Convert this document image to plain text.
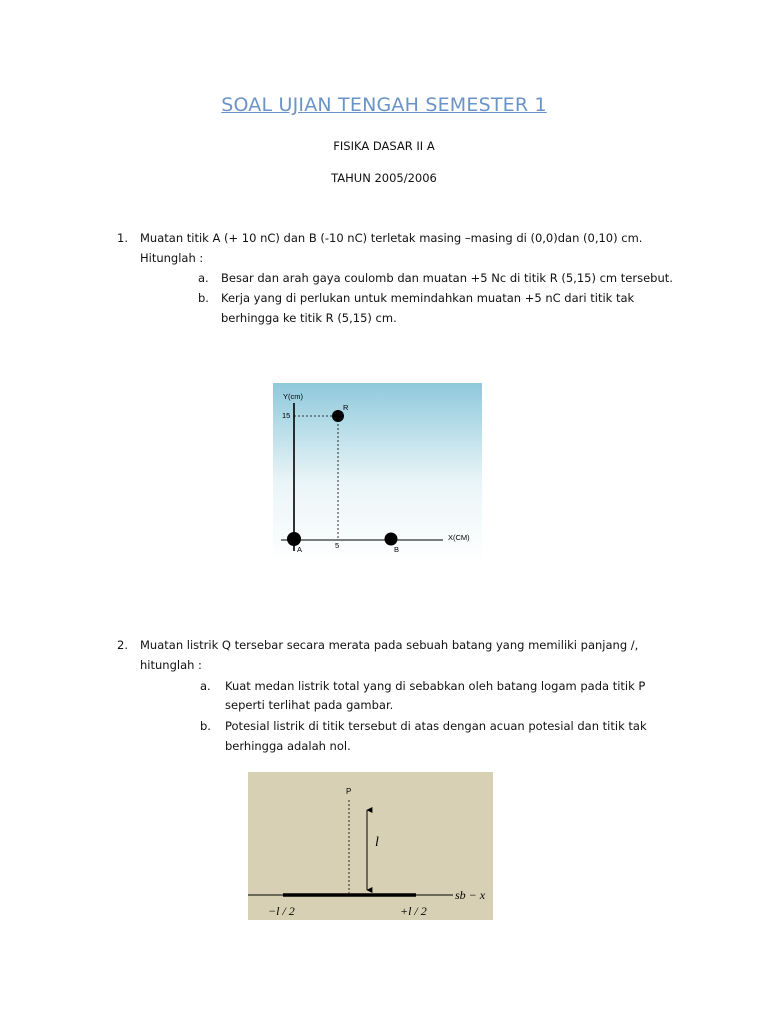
SOAL UJIAN TENGAH SEMESTER 1
FISIKA DASAR II A
TAHUN 2005/2006
1. Muatan titik A (+ 10 nC) dan B (-10 nC) terletak masing –masing di (0,0)dan (0,10) cm.
Hitunglah :
a. Besar dan arah gaya coulomb dan muatan +5 Nc di titik R (5,15) cm tersebut.
b. Kerja yang di perlukan untuk memindahkan muatan +5 nC dari titik tak
berhingga ke titik R (5,15) cm.
Y(cm)
15
R
5
X(CM)
A	B
2. Muatan listrik Q tersebar secara merata pada sebuah batang yang memiliki panjang /,
hitunglah :
a. Kuat medan listrik total yang di sebabkan oleh batang logam pada titik P
seperti terlihat pada gambar.
b. Potesial listrik di titik tersebut di atas dengan acuan potesial dan titik tak
berhingga adalah nol.
P
l
sb − x
−l / 2	+l / 2
